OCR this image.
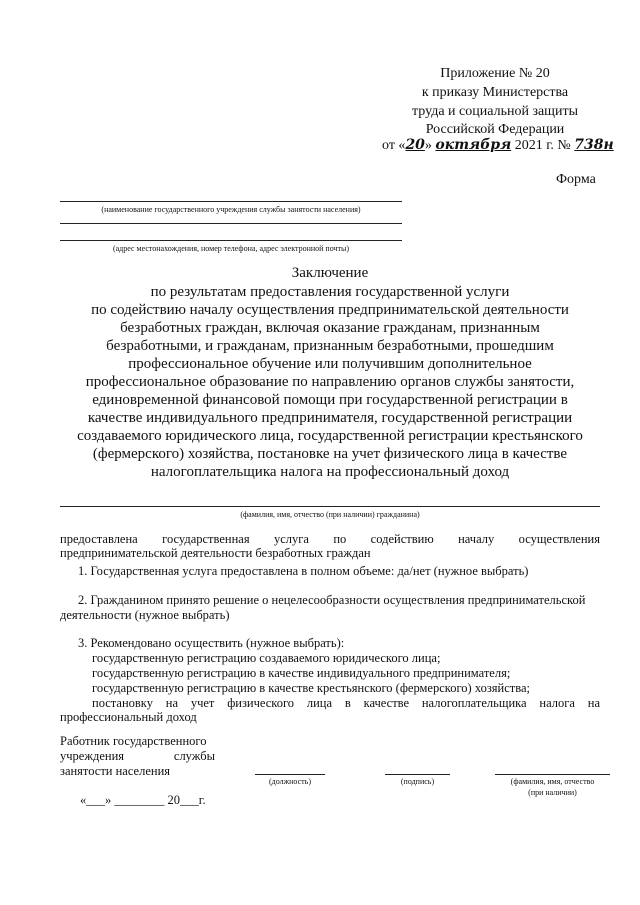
Приложение № 20
к приказу Министерства
труда и социальной защиты
Российской Федерации
от «20» октября 2021 г. № 738н
Форма
(наименование государственного учреждения службы занятости населения)
(адрес местонахождения, номер телефона, адрес электронной почты)
Заключение
по результатам предоставления государственной услуги
по содействию началу осуществления предпринимательской деятельности
безработных граждан, включая оказание гражданам, признанным
безработными, и гражданам, признанным безработными, прошедшим
профессиональное обучение или получившим дополнительное
профессиональное образование по направлению органов службы занятости,
единовременной финансовой помощи при государственной регистрации в
качестве индивидуального предпринимателя, государственной регистрации
создаваемого юридического лица, государственной регистрации крестьянского
(фермерского) хозяйства, постановке на учет физического лица в качестве
налогоплательщика налога на профессиональный доход
(фамилия, имя, отчество (при наличии) гражданина)
предоставлена государственная услуга по содействию началу осуществления
предпринимательской деятельности безработных граждан
1. Государственная услуга предоставлена в полном объеме: да/нет (нужное выбрать)
2. Гражданином принято решение о нецелесообразности осуществления предпринимательской
деятельности (нужное выбрать)
3. Рекомендовано осуществить (нужное выбрать):
государственную регистрацию создаваемого юридического лица;
государственную регистрацию в качестве индивидуального предпринимателя;
государственную регистрацию в качестве крестьянского (фермерского) хозяйства;
постановку на учет физического лица в качестве налогоплательщика налога на
профессиональный доход
Работник государственного
учреждения службы
занятости населения
(должность)	(подпись)	(фамилия, имя, отчество
(при наличии)
«___» ________ 20___г.
